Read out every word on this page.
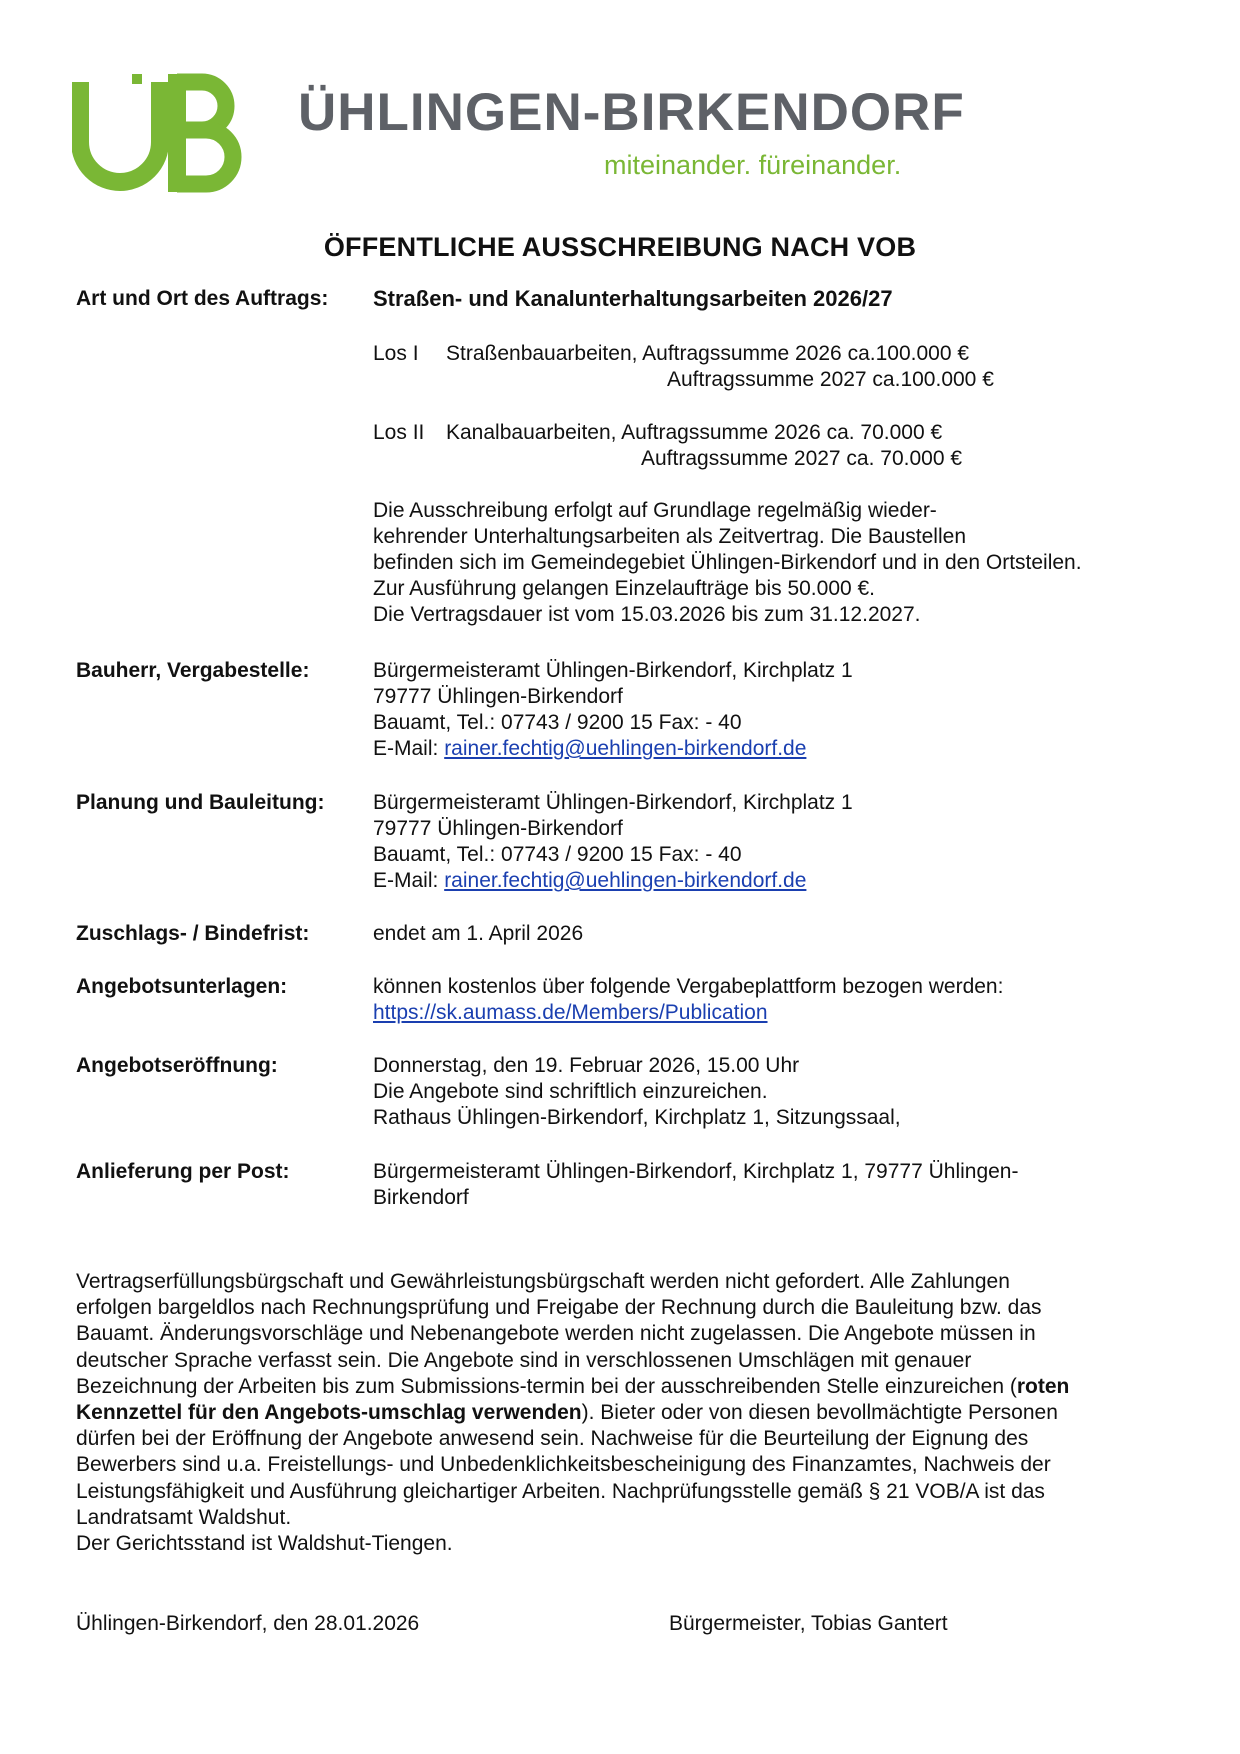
ÜHLINGEN-BIRKENDORF
miteinander. füreinander.
ÖFFENTLICHE AUSSCHREIBUNG NACH VOB
Art und Ort des Auftrags: Straßen- und Kanalunterhaltungsarbeiten 2026/27
Los I Straßenbauarbeiten, Auftragssumme 2026 ca.100.000 €
Auftragssumme 2027 ca.100.000 €
Los II Kanalbauarbeiten, Auftragssumme 2026 ca. 70.000 €
Auftragssumme 2027 ca. 70.000 €
Die Ausschreibung erfolgt auf Grundlage regelmäßig wieder-
kehrender Unterhaltungsarbeiten als Zeitvertrag. Die Baustellen
befinden sich im Gemeindegebiet Ühlingen-Birkendorf und in den Ortsteilen.
Zur Ausführung gelangen Einzelaufträge bis 50.000 €.
Die Vertragsdauer ist vom 15.03.2026 bis zum 31.12.2027.
Bauherr, Vergabestelle:	Bürgermeisteramt Ühlingen-Birkendorf, Kirchplatz 1
79777 Ühlingen-Birkendorf
Bauamt, Tel.: 07743 / 9200 15 Fax: - 40
E-Mail: rainer.fechtig@uehlingen-birkendorf.de
Planung und Bauleitung: Bürgermeisteramt Ühlingen-Birkendorf, Kirchplatz 1
79777 Ühlingen-Birkendorf
Bauamt, Tel.: 07743 / 9200 15 Fax: - 40
E-Mail: rainer.fechtig@uehlingen-birkendorf.de
Zuschlags- / Bindefrist:	endet am 1. April 2026
Angebotsunterlagen:	können kostenlos über folgende Vergabeplattform bezogen werden:
https://sk.aumass.de/Members/Publication
Angebotseröffnung:	Donnerstag, den 19. Februar 2026, 15.00 Uhr
Die Angebote sind schriftlich einzureichen.
Rathaus Ühlingen-Birkendorf, Kirchplatz 1, Sitzungssaal,
Anlieferung per Post:	Bürgermeisteramt Ühlingen-Birkendorf, Kirchplatz 1, 79777 Ühlingen-
Birkendorf
Vertragserfüllungsbürgschaft und Gewährleistungsbürgschaft werden nicht gefordert. Alle Zahlungen
erfolgen bargeldlos nach Rechnungsprüfung und Freigabe der Rechnung durch die Bauleitung bzw. das
Bauamt. Änderungsvorschläge und Nebenangebote werden nicht zugelassen. Die Angebote müssen in
deutscher Sprache verfasst sein. Die Angebote sind in verschlossenen Umschlägen mit genauer
Bezeichnung der Arbeiten bis zum Submissions-termin bei der ausschreibenden Stelle einzureichen (roten
Kennzettel für den Angebots-umschlag verwenden). Bieter oder von diesen bevollmächtigte Personen
dürfen bei der Eröffnung der Angebote anwesend sein. Nachweise für die Beurteilung der Eignung des
Bewerbers sind u.a. Freistellungs- und Unbedenklichkeitsbescheinigung des Finanzamtes, Nachweis der
Leistungsfähigkeit und Ausführung gleichartiger Arbeiten. Nachprüfungsstelle gemäß § 21 VOB/A ist das
Landratsamt Waldshut.
Der Gerichtsstand ist Waldshut-Tiengen.
Ühlingen-Birkendorf, den 28.01.2026	Bürgermeister, Tobias Gantert
